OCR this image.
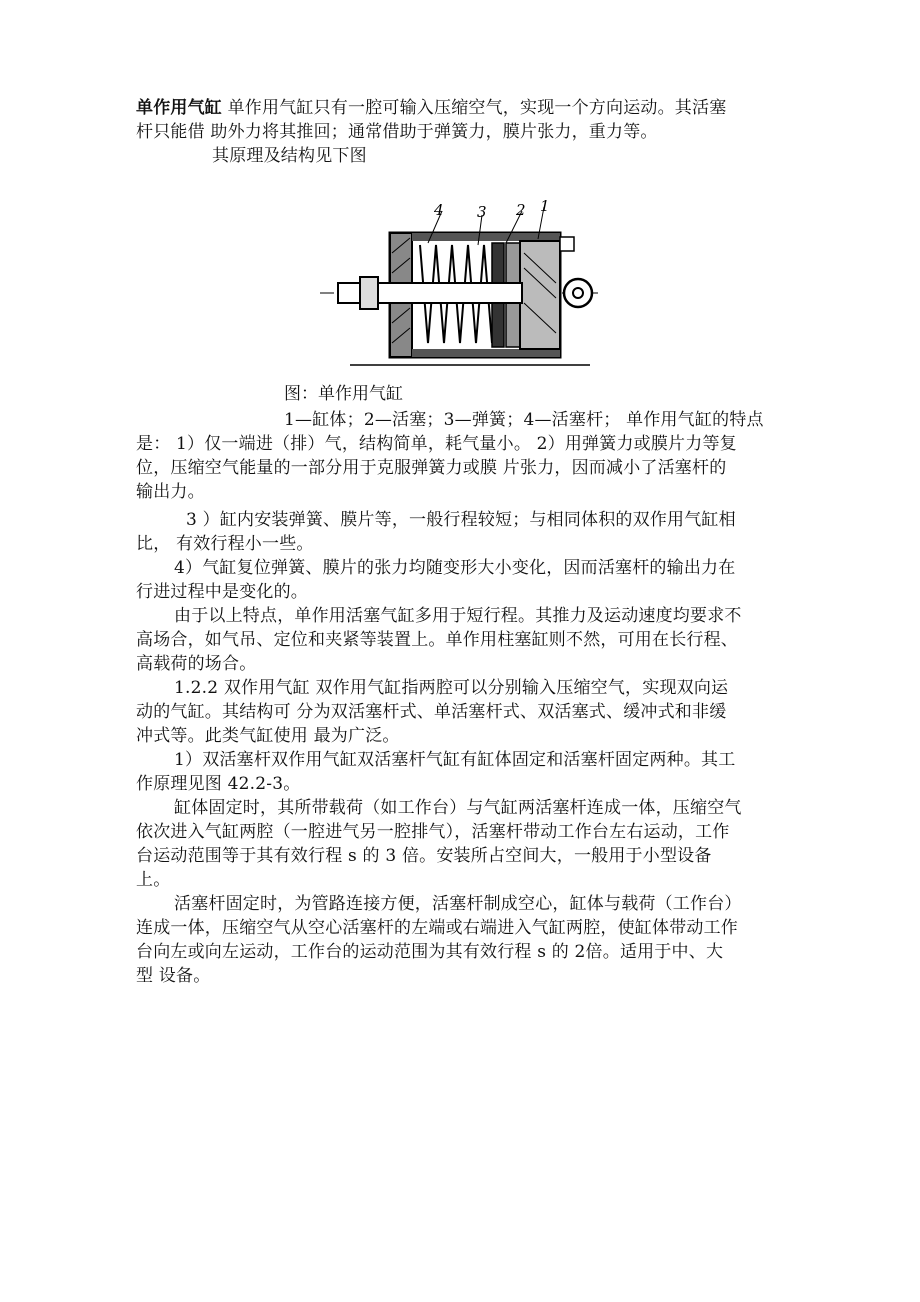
单作用气缸 单作用气缸只有一腔可输入压缩空气，实现一个方向运动。其活塞
杆只能借 助外力将其推回；通常借助于弹簧力，膜片张力，重力等。
其原理及结构见下图
4 3 2 1
图：单作用气缸
1—缸体；2—活塞；3—弹簧；4—活塞杆； 单作用气缸的特点
是： 1）仅一端进（排）气，结构简单，耗气量小。 2）用弹簧力或膜片力等复
位，压缩空气能量的一部分用于克服弹簧力或膜 片张力，因而减小了活塞杆的
输出力。
3 ）缸内安装弹簧、膜片等，一般行程较短；与相同体积的双作用气缸相
比， 有效行程小一些。
4）气缸复位弹簧、膜片的张力均随变形大小变化，因而活塞杆的输出力在
行进过程中是变化的。
由于以上特点，单作用活塞气缸多用于短行程。其推力及运动速度均要求不
高场合，如气吊、定位和夹紧等装置上。单作用柱塞缸则不然，可用在长行程、
高载荷的场合。
1.2.2 双作用气缸 双作用气缸指两腔可以分别输入压缩空气，实现双向运
动的气缸。其结构可 分为双活塞杆式、单活塞杆式、双活塞式、缓冲式和非缓
冲式等。此类气缸使用 最为广泛。
1）双活塞杆双作用气缸双活塞杆气缸有缸体固定和活塞杆固定两种。其工
作原理见图 42.2-3。
缸体固定时，其所带载荷（如工作台）与气缸两活塞杆连成一体，压缩空气
依次进入气缸两腔（一腔进气另一腔排气），活塞杆带动工作台左右运动，工作
台运动范围等于其有效行程 s 的 3 倍。安装所占空间大，一般用于小型设备
上。
活塞杆固定时，为管路连接方便，活塞杆制成空心，缸体与载荷（工作台）
连成一体，压缩空气从空心活塞杆的左端或右端进入气缸两腔，使缸体带动工作
台向左或向左运动，工作台的运动范围为其有效行程 s 的 2倍。适用于中、大
型 设备。
